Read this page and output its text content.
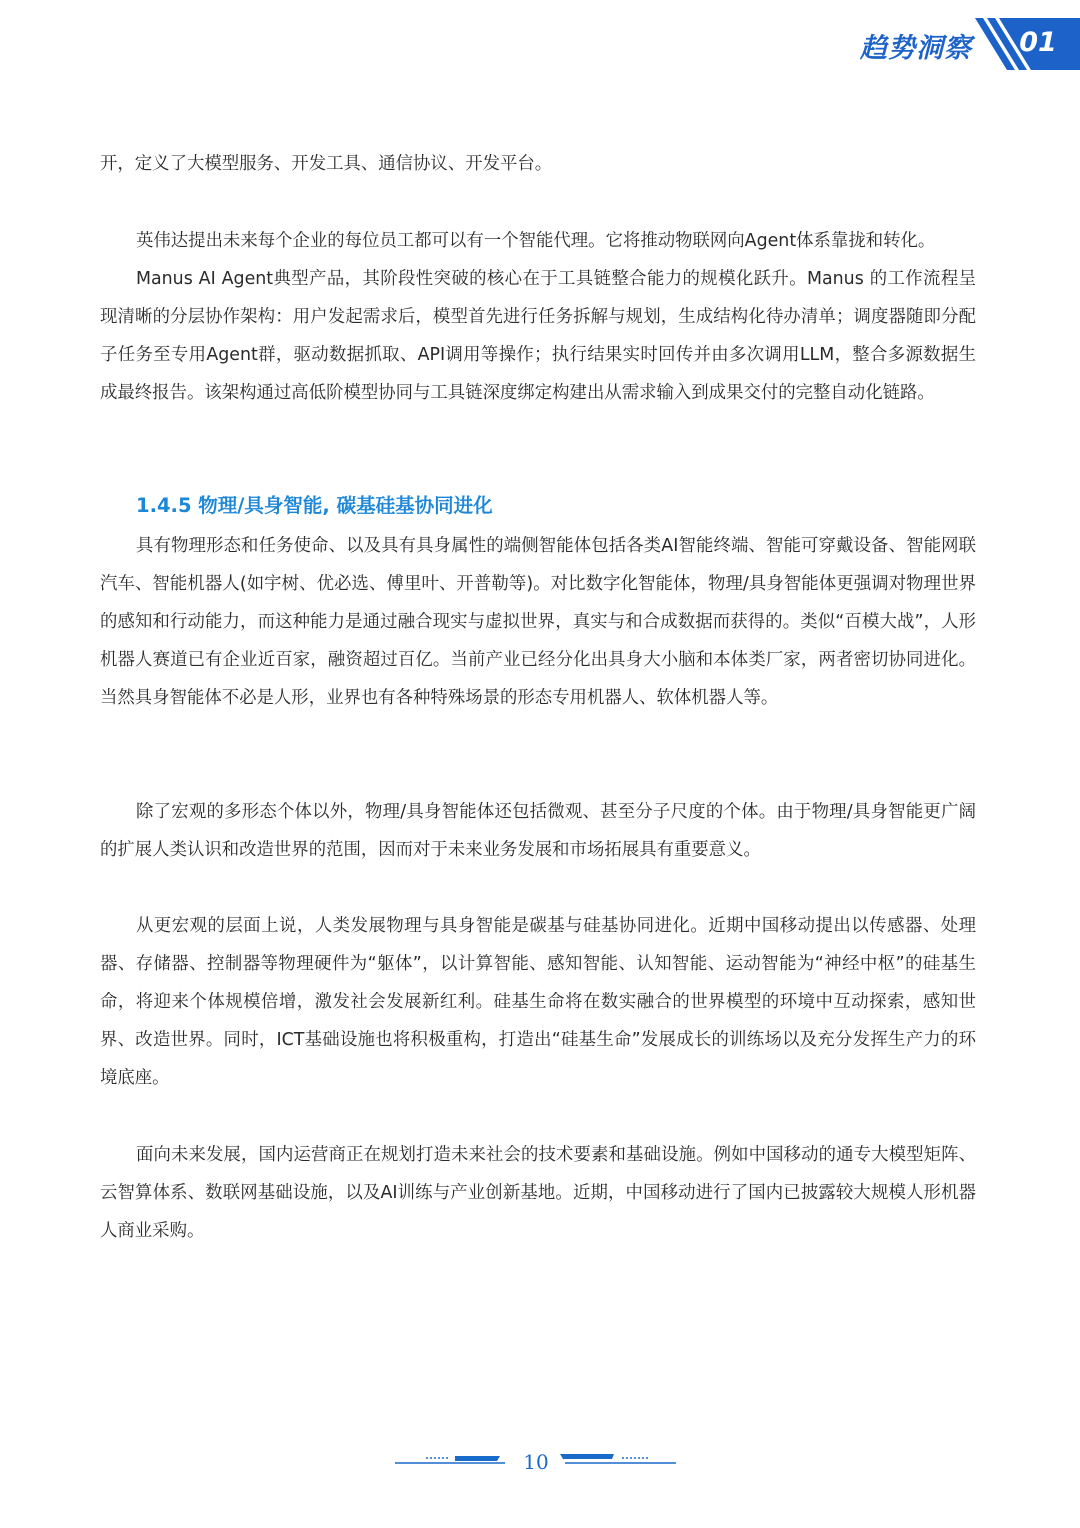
趋势洞察 01

开，定义了大模型服务、开发工具、通信协议、开发平台。

英伟达提出未来每个企业的每位员工都可以有一个智能代理。它将推动物联网向Agent体系靠拢和转化。

Manus AI Agent典型产品，其阶段性突破的核心在于工具链整合能力的规模化跃升。Manus 的工作流程呈现清晰的分层协作架构：用户发起需求后，模型首先进行任务拆解与规划，生成结构化待办清单；调度器随即分配子任务至专用Agent群，驱动数据抓取、API调用等操作；执行结果实时回传并由多次调用LLM，整合多源数据生成最终报告。该架构通过高低阶模型协同与工具链深度绑定构建出从需求输入到成果交付的完整自动化链路。

1.4.5 物理/具身智能, 碳基硅基协同进化

具有物理形态和任务使命、以及具有具身属性的端侧智能体包括各类AI智能终端、智能可穿戴设备、智能网联汽车、智能机器人(如宇树、优必选、傅里叶、开普勒等)。对比数字化智能体，物理/具身智能体更强调对物理世界的感知和行动能力，而这种能力是通过融合现实与虚拟世界，真实与和合成数据而获得的。类似“百模大战”，人形机器人赛道已有企业近百家，融资超过百亿。当前产业已经分化出具身大小脑和本体类厂家，两者密切协同进化。当然具身智能体不必是人形，业界也有各种特殊场景的形态专用机器人、软体机器人等。

除了宏观的多形态个体以外，物理/具身智能体还包括微观、甚至分子尺度的个体。由于物理/具身智能更广阔的扩展人类认识和改造世界的范围，因而对于未来业务发展和市场拓展具有重要意义。

从更宏观的层面上说，人类发展物理与具身智能是碳基与硅基协同进化。近期中国移动提出以传感器、处理器、存储器、控制器等物理硬件为“躯体”，以计算智能、感知智能、认知智能、运动智能为“神经中枢”的硅基生命，将迎来个体规模倍增，激发社会发展新红利。硅基生命将在数实融合的世界模型的环境中互动探索，感知世界、改造世界。同时，ICT基础设施也将积极重构，打造出“硅基生命”发展成长的训练场以及充分发挥生产力的环境底座。

面向未来发展，国内运营商正在规划打造未来社会的技术要素和基础设施。例如中国移动的通专大模型矩阵、云智算体系、数联网基础设施，以及AI训练与产业创新基地。近期，中国移动进行了国内已披露较大规模人形机器人商业采购。

10
